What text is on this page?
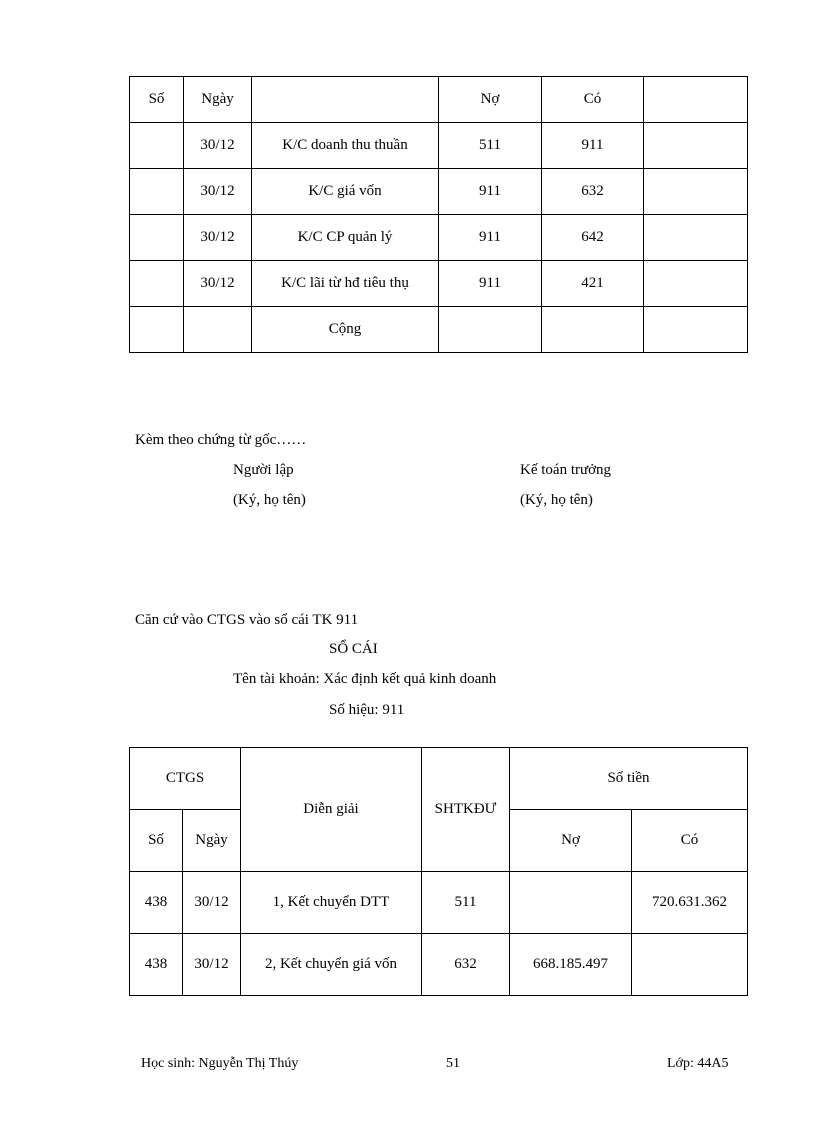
Số	Ngày		Nợ	Có	
	30/12	K/C doanh thu thuần	511	911	
	30/12	K/C giá vốn	911	632	
	30/12	K/C CP quản lý	911	642	
	30/12	K/C lãi từ hđ tiêu thụ	911	421	
		Cộng			
Kèm theo chứng từ gốc……
Người lập
(Ký, họ tên)
Kế toán trưởng
(Ký, họ tên)
Căn cứ vào CTGS vào sổ cái TK 911
SỔ CÁI
Tên tài khoản: Xác định kết quả kinh doanh
Số hiệu: 911
CTGS		Diễn giải	SHTKĐƯ	Số tiền	
Số	Ngày			Nợ	Có
438	30/12	1, Kết chuyển DTT	511		720.631.362
438	30/12	2, Kết chuyển giá vốn	632	668.185.497	
Học sinh: Nguyễn Thị Thúy	51	Lớp: 44A5
